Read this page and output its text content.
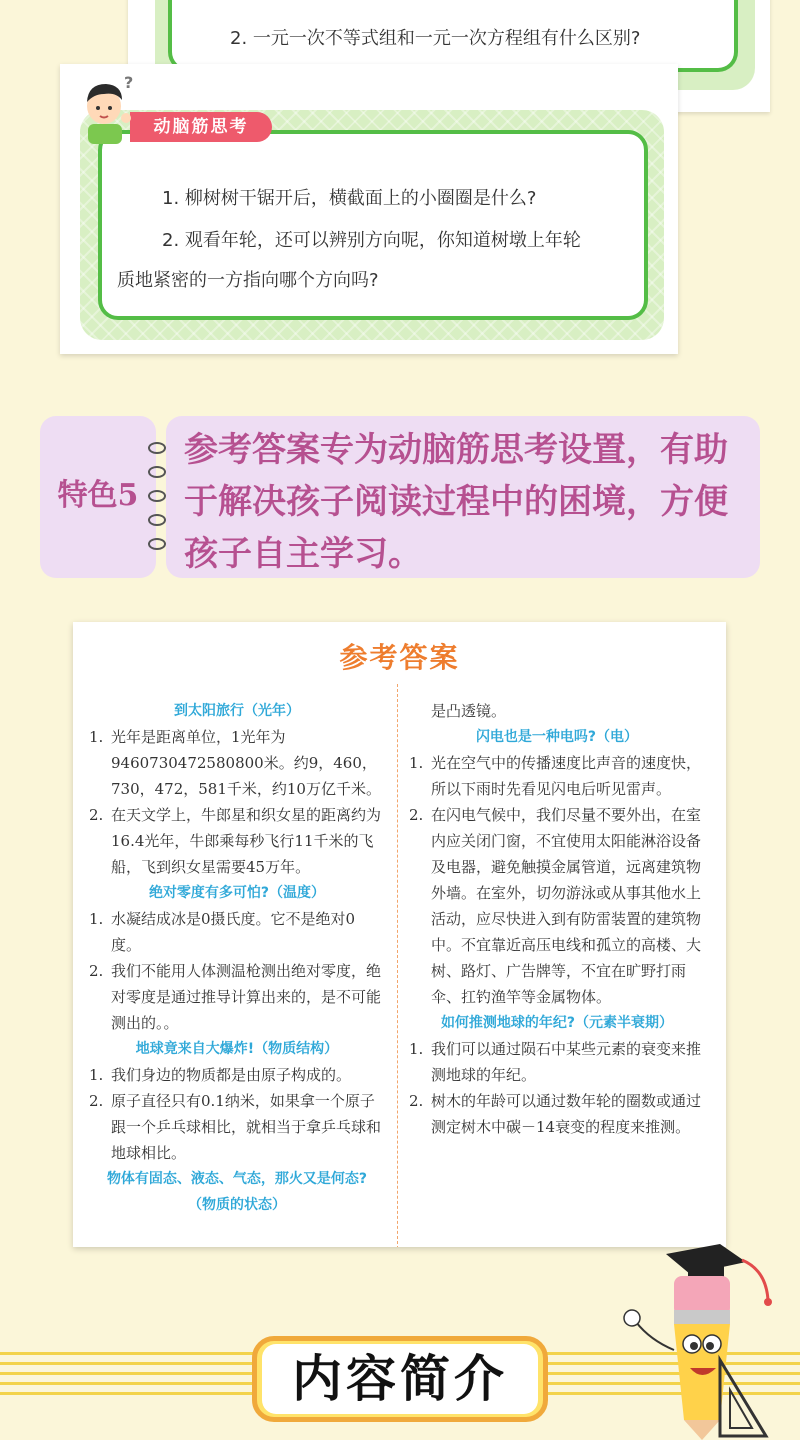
2. 一元一次不等式组和一元一次方程组有什么区别?
动脑筋思考
?
1. 柳树树干锯开后，横截面上的小圈圈是什么?
2. 观看年轮，还可以辨别方向呢，你知道树墩上年轮
质地紧密的一方指向哪个方向吗?
特色5
参考答案专为动脑筋思考设置，有助
于解决孩子阅读过程中的困境，方便
孩子自主学习。
参考答案
到太阳旅行（光年）
1. 光年是距离单位，1光年为9460730472580800米。约9，460，730，472，581千米，约10万亿千米。

2. 在天文学上，牛郎星和织女星的距离约为16.4光年，牛郎乘每秒飞行11千米的飞船，飞到织女星需要45万年。

绝对零度有多可怕?（温度）
1. 水凝结成冰是0摄氏度。它不是绝对0度。

2. 我们不能用人体测温枪测出绝对零度，绝对零度是通过推导计算出来的，是不可能测出的。。

地球竟来自大爆炸!（物质结构）
1. 我们身边的物质都是由原子构成的。

2. 原子直径只有0.1纳米，如果拿一个原子跟一个乒乓球相比，就相当于拿乒乓球和地球相比。

物体有固态、液态、气态，那火又是何态?
（物质的状态）

是凸透镜。

闪电也是一种电吗?（电）
1. 光在空气中的传播速度比声音的速度快，所以下雨时先看见闪电后听见雷声。

2. 在闪电气候中，我们尽量不要外出，在室内应关闭门窗，不宜使用太阳能淋浴设备及电器，避免触摸金属管道，远离建筑物外墙。在室外，切勿游泳或从事其他水上活动，应尽快进入到有防雷装置的建筑物中。不宜靠近高压电线和孤立的高楼、大树、路灯、广告牌等，不宜在旷野打雨伞、扛钓渔竿等金属物体。

如何推测地球的年纪?（元素半衰期）
1. 我们可以通过陨石中某些元素的衰变来推测地球的年纪。

2. 树木的年龄可以通过数年轮的圈数或通过测定树木中碳－14衰变的程度来推测。

内容简介
